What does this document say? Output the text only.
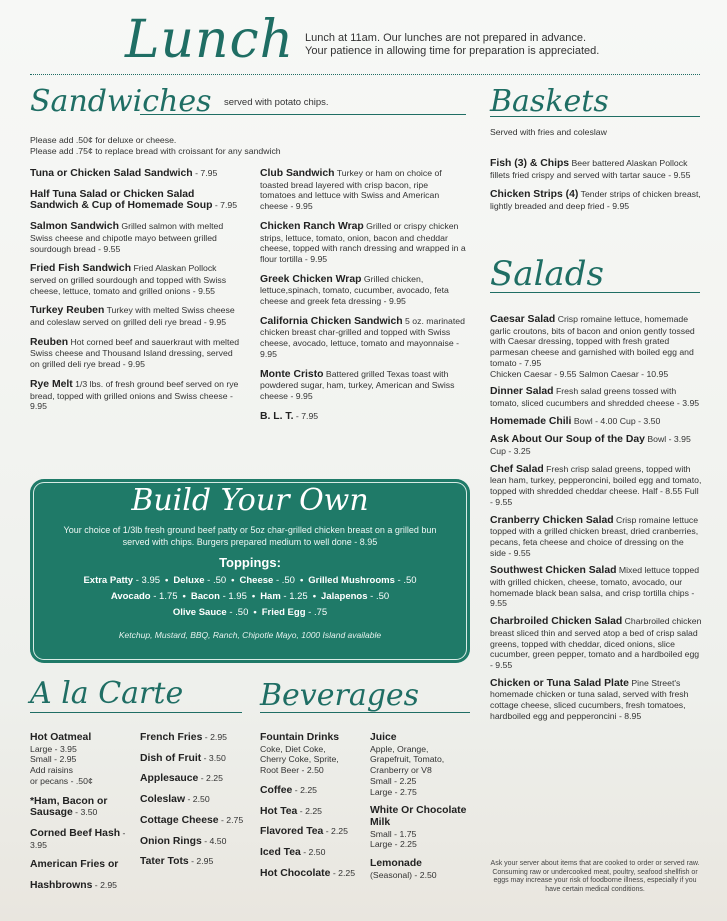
Lunch Lunch at 11am. Our lunches are not prepared in advance.
Your patience in allowing time for preparation is appreciated.
Sandwiches $^{served with potato chips.}$
Please add .50¢ for deluxe or cheese.
Please add .75¢ to replace bread with croissant for any sandwich
Tuna or Chicken Salad Sandwich - 7.95
Half Tuna Salad or Chicken Salad Sandwich & Cup of Homemade Soup - 7.95
Salmon Sandwich Grilled salmon with melted Swiss cheese and chipotle mayo between grilled sourdough bread - 9.55
Fried Fish Sandwich Fried Alaskan Pollock served on grilled sourdough and topped with Swiss cheese, lettuce, tomato and grilled onions - 9.55
Turkey Reuben Turkey with melted Swiss cheese and coleslaw served on grilled deli rye bread - 9.95
Reuben Hot corned beef and sauerkraut with melted Swiss cheese and Thousand Island dressing, served on grilled deli rye bread - 9.95
Rye Melt 1/3 lbs. of fresh ground beef served on rye bread, topped with grilled onions and Swiss cheese - 9.95
Club Sandwich Turkey or ham on choice of toasted bread layered with crisp bacon, ripe tomatoes and lettuce with Swiss and American cheese - 9.95
Chicken Ranch Wrap Grilled or crispy chicken strips, lettuce, tomato, onion, bacon and cheddar cheese, topped with ranch dressing and wrapped in a flour tortilla - 9.95
Greek Chicken Wrap Grilled chicken, lettuce,spinach, tomato, cucumber, avocado, feta cheese and greek feta dressing - 9.95
California Chicken Sandwich 5 oz. marinated chicken breast char-grilled and topped with Swiss cheese, avocado, lettuce, tomato and mayonnaise - 9.95
Monte Cristo Battered grilled Texas toast with powdered sugar, ham, turkey, American and Swiss cheese - 9.95
B. L. T. - 7.95
Baskets
Served with fries and coleslaw
Fish (3) & Chips Beer battered Alaskan Pollock fillets fried crispy and served with tartar sauce - 9.55
Chicken Strips (4) Tender strips of chicken breast, lightly breaded and deep fried - 9.95
Salads
Caesar Salad Crisp romaine lettuce, homemade garlic croutons, bits of bacon and onion gently tossed with Caesar dressing, topped with fresh grated parmesan cheese and garnished with boiled egg and tomato - 7.95
Chicken Caesar - 9.55 Salmon Caesar - 10.95
Dinner Salad Fresh salad greens tossed with tomato, sliced cucumbers and shredded cheese - 3.95
Homemade Chili Bowl - 4.00 Cup - 3.50
Ask About Our Soup of the Day Bowl - 3.95 Cup - 3.25
Chef Salad Fresh crisp salad greens, topped with lean ham, turkey, pepperoncini, boiled egg and tomato, topped with shredded cheddar cheese. Half - 8.55 Full - 9.55
Cranberry Chicken Salad Crisp romaine lettuce topped with a grilled chicken breast, dried cranberries, pecans, feta cheese and choice of dressing on the side - 9.55
Southwest Chicken Salad Mixed lettuce topped with grilled chicken, cheese, tomato, avocado, our homemade black bean salsa, and crisp tortilla chips - 9.55
Charbroiled Chicken Salad Charbroiled chicken breast sliced thin and served atop a bed of crisp salad greens, topped with cheddar, diced onions, slice cucumber, green pepper, tomato and a hardboiled egg - 9.55
Chicken or Tuna Salad Plate Pine Street's homemade chicken or tuna salad, served with fresh cottage cheese, sliced cucumbers, fresh tomatoes, hardboiled egg and pepperoncini - 8.95
Build Your Own
Your choice of 1/3lb fresh ground beef patty or 5oz char-grilled chicken breast on a grilled bun served with chips. Burgers prepared medium to well done - 8.95
Toppings:
Extra Patty - 3.95 • Deluxe - .50 • Cheese - .50 • Grilled Mushrooms - .50
Avocado - 1.75 • Bacon - 1.95 • Ham - 1.25 • Jalapenos - .50
Olive Sauce - .50 • Fried Egg - .75
Ketchup, Mustard, BBQ, Ranch, Chipotle Mayo, 1000 Island available
A la Carte
Hot Oatmeal
Large - 3.95
Small - 2.95
Add raisins
or pecans - .50¢
*Ham, Bacon or Sausage - 3.50
Corned Beef Hash - 3.95
American Fries or
Hashbrowns - 2.95
French Fries - 2.95
Dish of Fruit - 3.50
Applesauce - 2.25
Coleslaw - 2.50
Cottage Cheese - 2.75
Onion Rings - 4.50
Tater Tots - 2.95
Beverages
Fountain Drinks
Coke, Diet Coke,
Cherry Coke, Sprite,
Root Beer - 2.50
Coffee - 2.25
Hot Tea - 2.25
Flavored Tea - 2.25
Iced Tea - 2.50
Hot Chocolate - 2.25
Juice
Apple, Orange,
Grapefruit, Tomato,
Cranberry or V8
Small - 2.25
Large - 2.75
White Or Chocolate Milk
Small - 1.75
Large - 2.25
Lemonade
(Seasonal) - 2.50
Ask your server about items that are cooked to order or served raw. Consuming raw or undercooked meat, poultry, seafood shellfish or eggs may increase your risk of foodborne illness, especially if you have certain medical conditions.
